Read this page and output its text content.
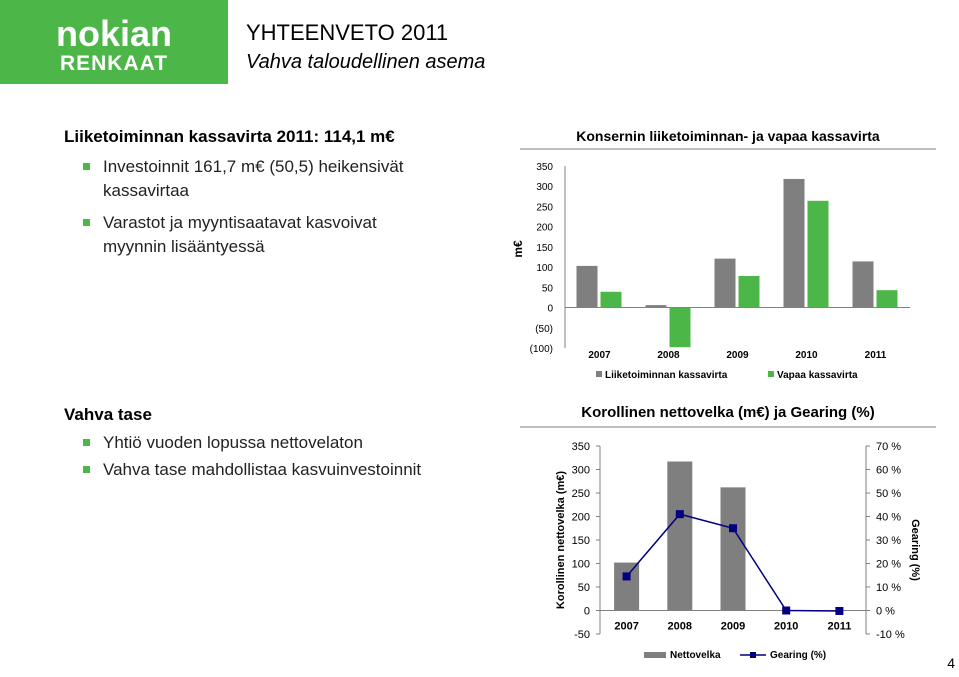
nokian
RENKAAT
YHTEENVETO 2011
Vahva taloudellinen asema
Liiketoiminnan kassavirta 2011: 114,1 m€
Investoinnit 161,7 m€ (50,5) heikensivät
kassavirtaa
Varastot ja myyntisaatavat kasvoivat
myynnin lisääntyessä
Vahva tase
Yhtiö vuoden lopussa nettovelaton
Vahva tase mahdollistaa kasvuinvestoinnit
Konsernin liiketoiminnan- ja vapaa kassavirta
(100)
(50)
0
50
100
150
200
250
300
350
m€
2007	2008	2009	2010	2011
Liiketoiminnan kassavirta	Vapaa kassavirta
Korollinen nettovelka (m€) ja Gearing (%)
-50
0
50
100
150
200
250
300
350
-10 %
0 %
10 %
20 %
30 %
40 %
50 %
60 %
70 %
Korollinen nettovelka (m€)	Gearing (%)
2007	2008	2009	2010	2011
Nettovelka	Gearing (%)	4
